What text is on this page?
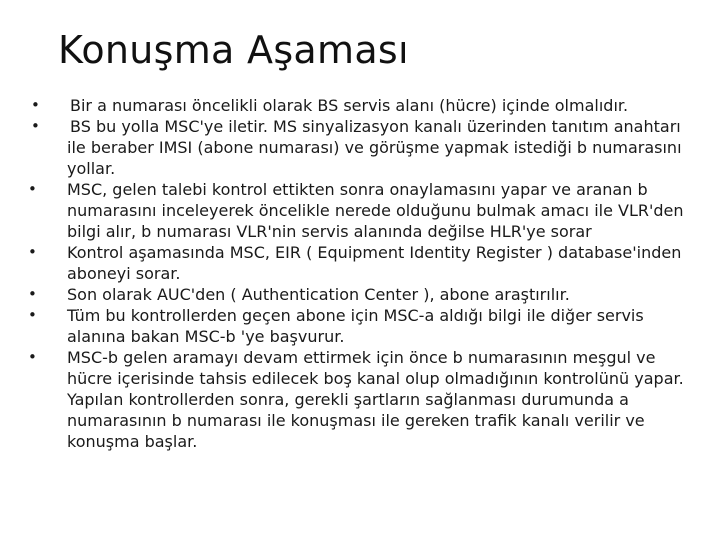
Konuşma Aşaması
• Bir a numarası öncelikli olarak BS servis alanı (hücre) içinde olmalıdır.
• BS bu yolla MSC'ye iletir. MS sinyalizasyon kanalı üzerinden tanıtım anahtarı ile beraber IMSI (abone numarası) ve görüşme yapmak istediği b numarasını yollar.
• MSC, gelen talebi kontrol ettikten sonra onaylamasını yapar ve aranan b numarasını inceleyerek öncelikle nerede olduğunu bulmak amacı ile VLR'den bilgi alır, b numarası VLR'nin servis alanında değilse HLR'ye sorar
• Kontrol aşamasında MSC, EIR ( Equipment Identity Register ) database'inden aboneyi sorar.
• Son olarak AUC'den ( Authentication Center ), abone araştırılır.
• Tüm bu kontrollerden geçen abone için MSC-a aldığı bilgi ile diğer servis alanına bakan MSC-b 'ye başvurur.
• MSC-b gelen aramayı devam ettirmek için önce b numarasının meşgul ve hücre içerisinde tahsis edilecek boş kanal olup olmadığının kontrolünü yapar. Yapılan kontrollerden sonra, gerekli şartların sağlanması durumunda a numarasının b numarası ile konuşması ile gereken trafik kanalı verilir ve konuşma başlar.
